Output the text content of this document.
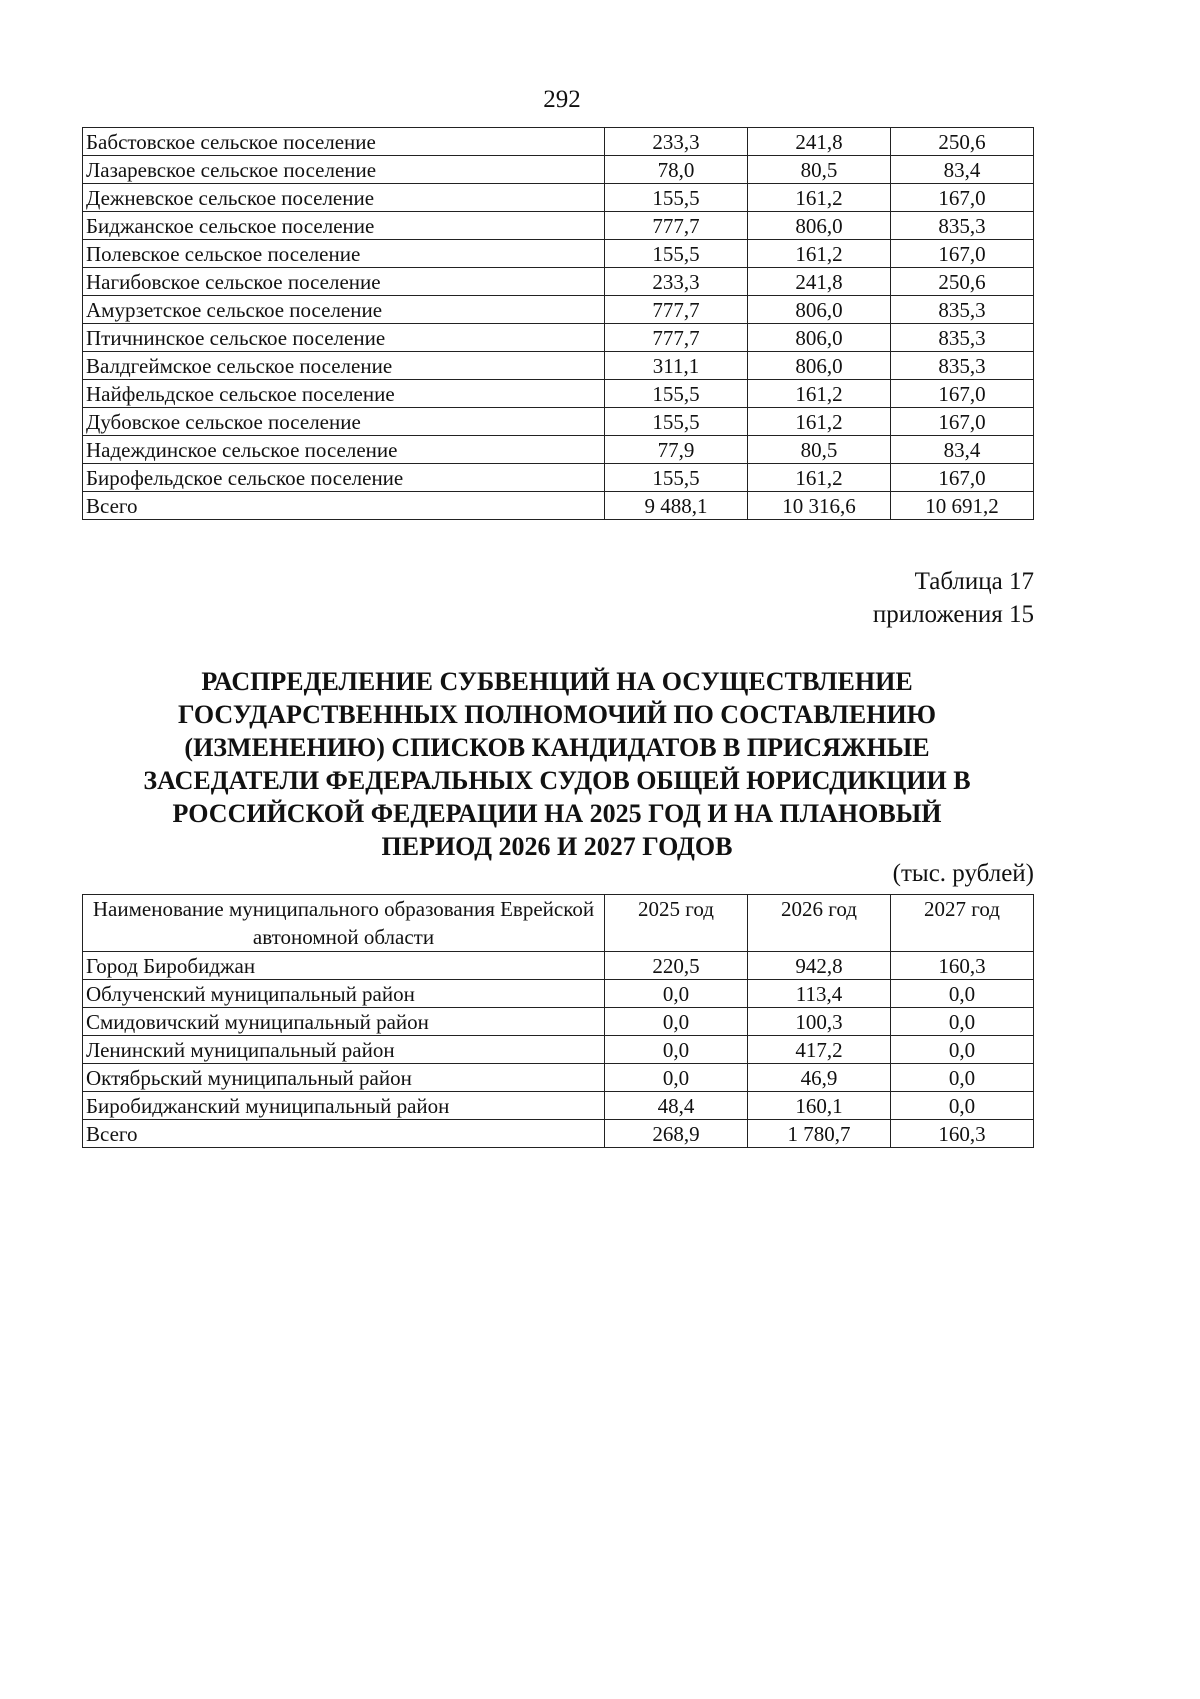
292
Бабстовское сельское поселение	233,3	241,8	250,6
Лазаревское сельское поселение	78,0	80,5	83,4
Дежневское сельское поселение	155,5	161,2	167,0
Биджанское сельское поселение	777,7	806,0	835,3
Полевское сельское поселение	155,5	161,2	167,0
Нагибовское сельское поселение	233,3	241,8	250,6
Амурзетское сельское поселение	777,7	806,0	835,3
Птичнинское сельское поселение	777,7	806,0	835,3
Валдгеймское сельское поселение	311,1	806,0	835,3
Найфельдское сельское поселение	155,5	161,2	167,0
Дубовское сельское поселение	155,5	161,2	167,0
Надеждинское сельское поселение	77,9	80,5	83,4
Бирофельдское сельское поселение	155,5	161,2	167,0
Всего	9 488,1	10 316,6	10 691,2
Таблица 17
приложения 15
РАСПРЕДЕЛЕНИЕ СУБВЕНЦИЙ НА ОСУЩЕСТВЛЕНИЕ
ГОСУДАРСТВЕННЫХ ПОЛНОМОЧИЙ ПО СОСТАВЛЕНИЮ
(ИЗМЕНЕНИЮ) СПИСКОВ КАНДИДАТОВ В ПРИСЯЖНЫЕ
ЗАСЕДАТЕЛИ ФЕДЕРАЛЬНЫХ СУДОВ ОБЩЕЙ ЮРИСДИКЦИИ В
РОССИЙСКОЙ ФЕДЕРАЦИИ НА 2025 ГОД И НА ПЛАНОВЫЙ
ПЕРИОД 2026 И 2027 ГОДОВ
(тыс. рублей)
Наименование муниципального образования Еврейской автономной области	2025 год	2026 год	2027 год
Город Биробиджан	220,5	942,8	160,3
Облученский муниципальный район	0,0	113,4	0,0
Смидовичский муниципальный район	0,0	100,3	0,0
Ленинский муниципальный район	0,0	417,2	0,0
Октябрьский муниципальный район	0,0	46,9	0,0
Биробиджанский муниципальный район	48,4	160,1	0,0
Всего	268,9	1 780,7	160,3
